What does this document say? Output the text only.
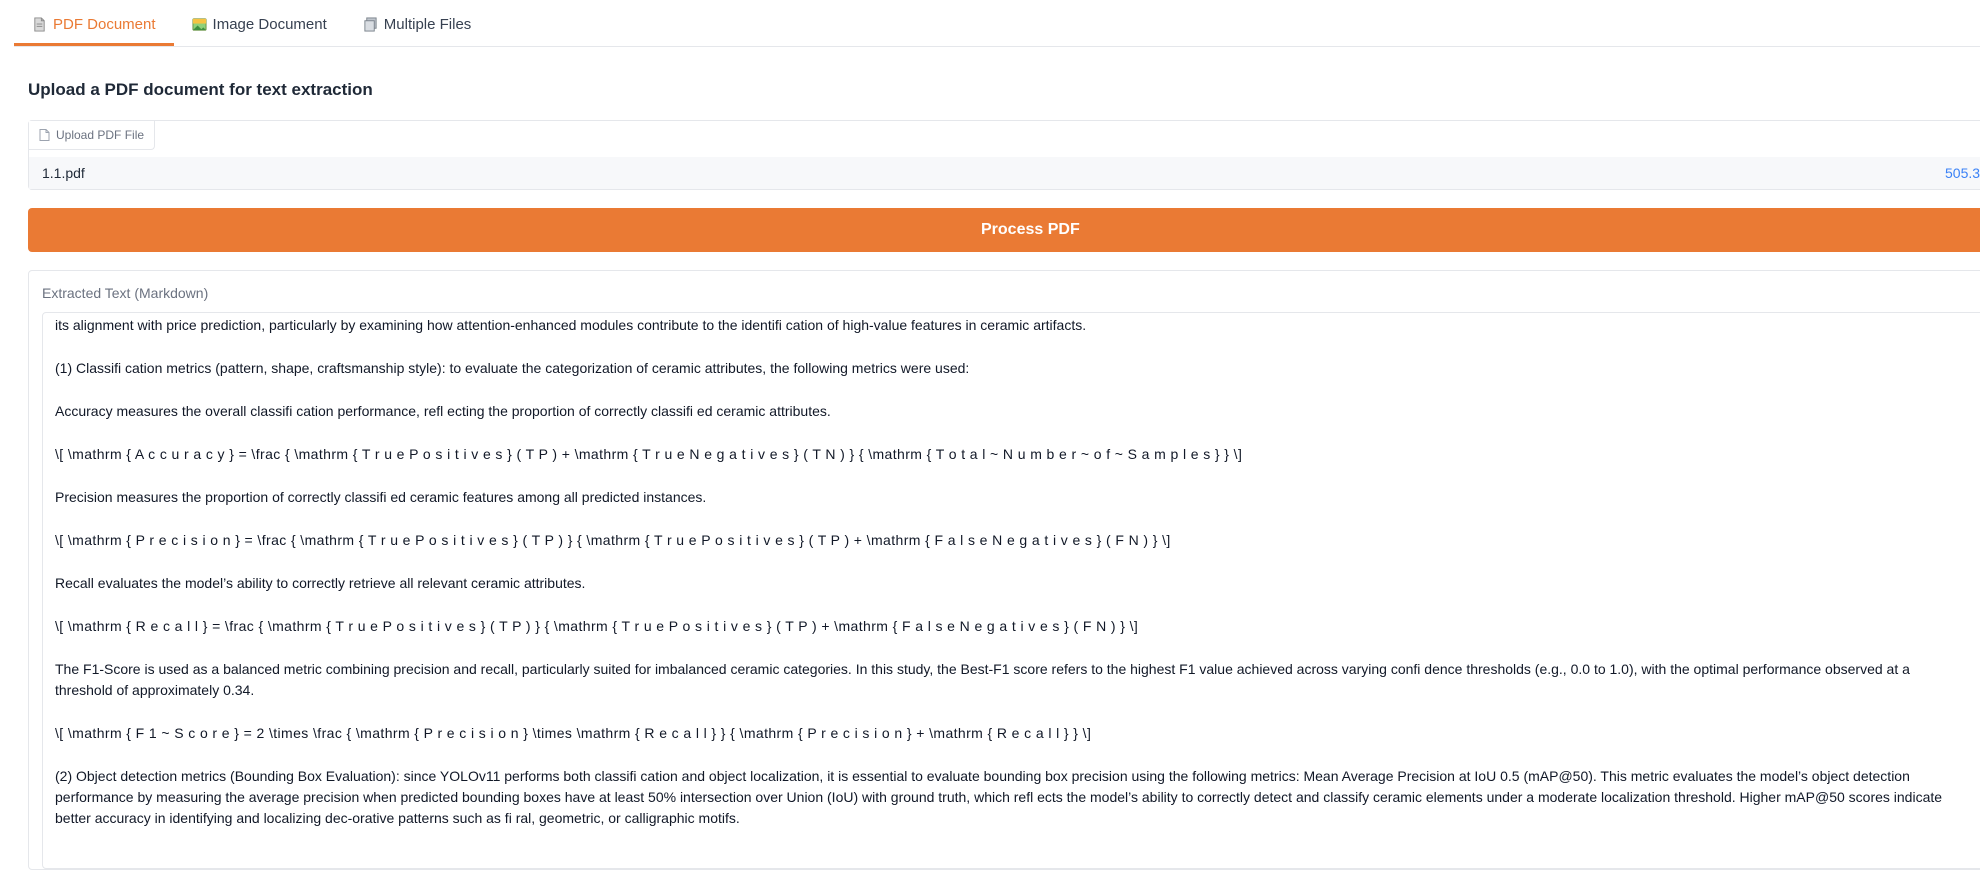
PDF Document	Image Document	Multiple Files
Upload a PDF document for text extraction
Upload PDF File
1.1.pdf	505.3
Process PDF
Extracted Text (Markdown)

its alignment with price prediction, particularly by examining how attention-enhanced modules contribute to the identifi cation of high-value features in ceramic artifacts.

(1) Classifi cation metrics (pattern, shape, craftsmanship style): to evaluate the categorization of ceramic attributes, the following metrics were used:

Accuracy measures the overall classifi cation performance, refl ecting the proportion of correctly classifi ed ceramic attributes.

\[ \mathrm { A c c u r a c y } = \frac { \mathrm { T r u e P o s i t i v e s } ( T P ) + \mathrm { T r u e N e g a t i v e s } ( T N ) } { \mathrm { T o t a l ~ N u m b e r ~ o f ~ S a m p l e s } } \]

Precision measures the proportion of correctly classifi ed ceramic features among all predicted instances.

\[ \mathrm { P r e c i s i o n } = \frac { \mathrm { T r u e P o s i t i v e s } ( T P ) } { \mathrm { T r u e P o s i t i v e s } ( T P ) + \mathrm { F a l s e N e g a t i v e s } ( F N ) } \]

Recall evaluates the model’s ability to correctly retrieve all relevant ceramic attributes.

\[ \mathrm { R e c a l l } = \frac { \mathrm { T r u e P o s i t i v e s } ( T P ) } { \mathrm { T r u e P o s i t i v e s } ( T P ) + \mathrm { F a l s e N e g a t i v e s } ( F N ) } \]

The F1-Score is used as a balanced metric combining precision and recall, particularly suited for imbalanced ceramic categories. In this study, the Best-F1 score refers to the highest F1 value achieved across varying confi dence thresholds (e.g., 0.0 to 1.0), with the optimal performance observed at a threshold of approximately 0.34.

\[ \mathrm { F 1 ~ S c o r e } = 2 \times \frac { \mathrm { P r e c i s i o n } \times \mathrm { R e c a l l } } { \mathrm { P r e c i s i o n } + \mathrm { R e c a l l } } \]

(2) Object detection metrics (Bounding Box Evaluation): since YOLOv11 performs both classifi cation and object localization, it is essential to evaluate bounding box precision using the following metrics: Mean Average Precision at IoU 0.5 (mAP@50). This metric evaluates the model’s object detection performance by measuring the average precision when predicted bounding boxes have at least 50% intersection over Union (IoU) with ground truth, which refl ects the model’s ability to correctly detect and classify ceramic elements under a moderate localization threshold. Higher mAP@50 scores indicate better accuracy in identifying and localizing dec-orative patterns such as fi ral, geometric, or calligraphic motifs.
